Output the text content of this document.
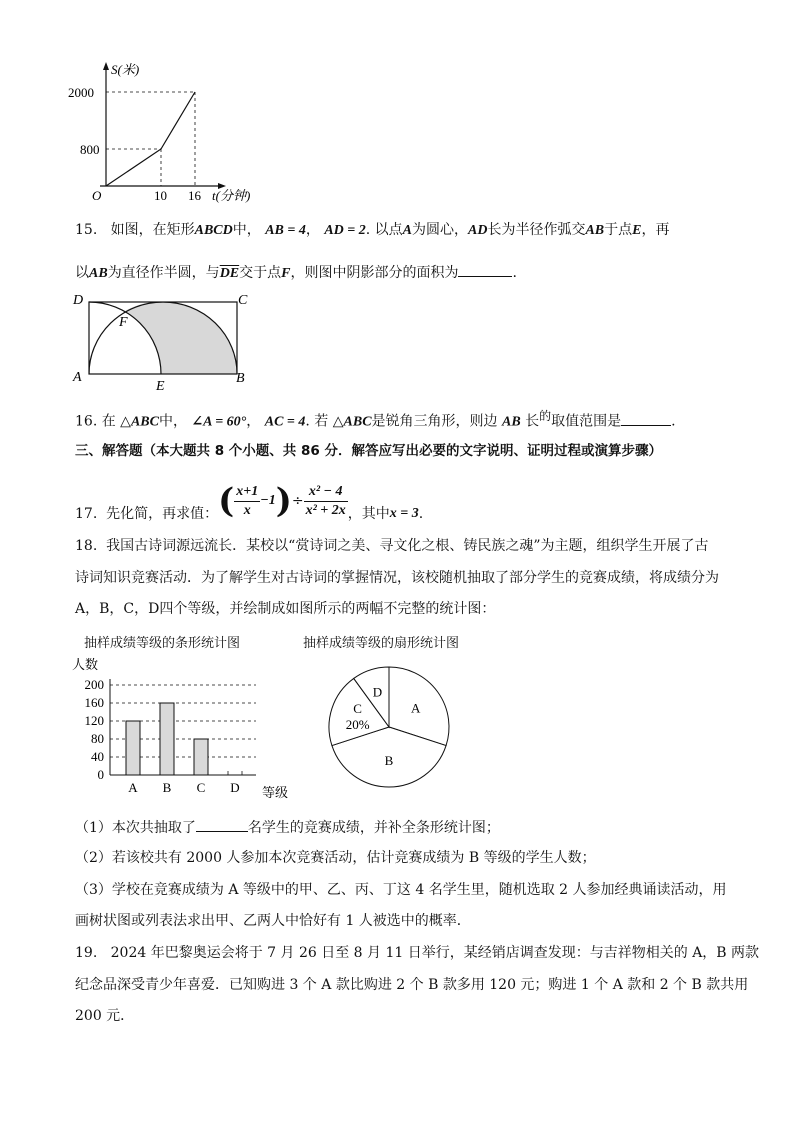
S(米)
2000
800
O	10 16 t(分钟)
15. 如图，在矩形ABCD中， AB = 4， AD = 2. 以点A为圆心，AD长为半径作弧交AB于点E，再
以AB为直径作半圆，与$\overline{DE}$交于点F，则图中阴影部分的面积为	.
D	C
A	B
E
F
16. 在 △ABC中， ∠A = 60°， AC = 4. 若 △ABC是锐角三角形，则边 AB 长$^的$取值范围是	.
三、解答题（本大题共 8 个小题、共 86 分．解答应写出必要的文字说明、证明过程或演算步骤）
17. 先化简，再求值：( $\frac{x+1}{x} -1)\div \frac{\text{x² − 4}}{\text{x² + 2x}}$ ，其中x = 3.
18. 我国古诗词源远流长．某校以“赏诗词之美、寻文化之根、铸民族之魂”为主题，组织学生开展了古
诗词知识竞赛活动．为了解学生对古诗词的掌握情况，该校随机抽取了部分学生的竞赛成绩，将成绩分为
A，B，C，D四个等级，并绘制成如图所示的两幅不完整的统计图：
抽样成绩等级的条形统计图	抽样成绩等级的扇形统计图
人数
等级
200
160
120
80
40
0
A B C D
A
B
C
20%
D
（1）本次共抽取了	名学生的竞赛成绩，并补全条形统计图；
（2）若该校共有 2000 人参加本次竞赛活动，估计竞赛成绩为 B 等级的学生人数；
（3）学校在竞赛成绩为 A 等级中的甲、乙、丙、丁这 4 名学生里，随机选取 2 人参加经典诵读活动，用
画树状图或列表法求出甲、乙两人中恰好有 1 人被选中的概率．
19. 2024 年巴黎奥运会将于 7 月 26 日至 8 月 11 日举行，某经销店调查发现：与吉祥物相关的 A，B 两款
纪念品深受青少年喜爱．已知购进 3 个 A 款比购进 2 个 B 款多用 120 元；购进 1 个 A 款和 2 个 B 款共用
200 元．
